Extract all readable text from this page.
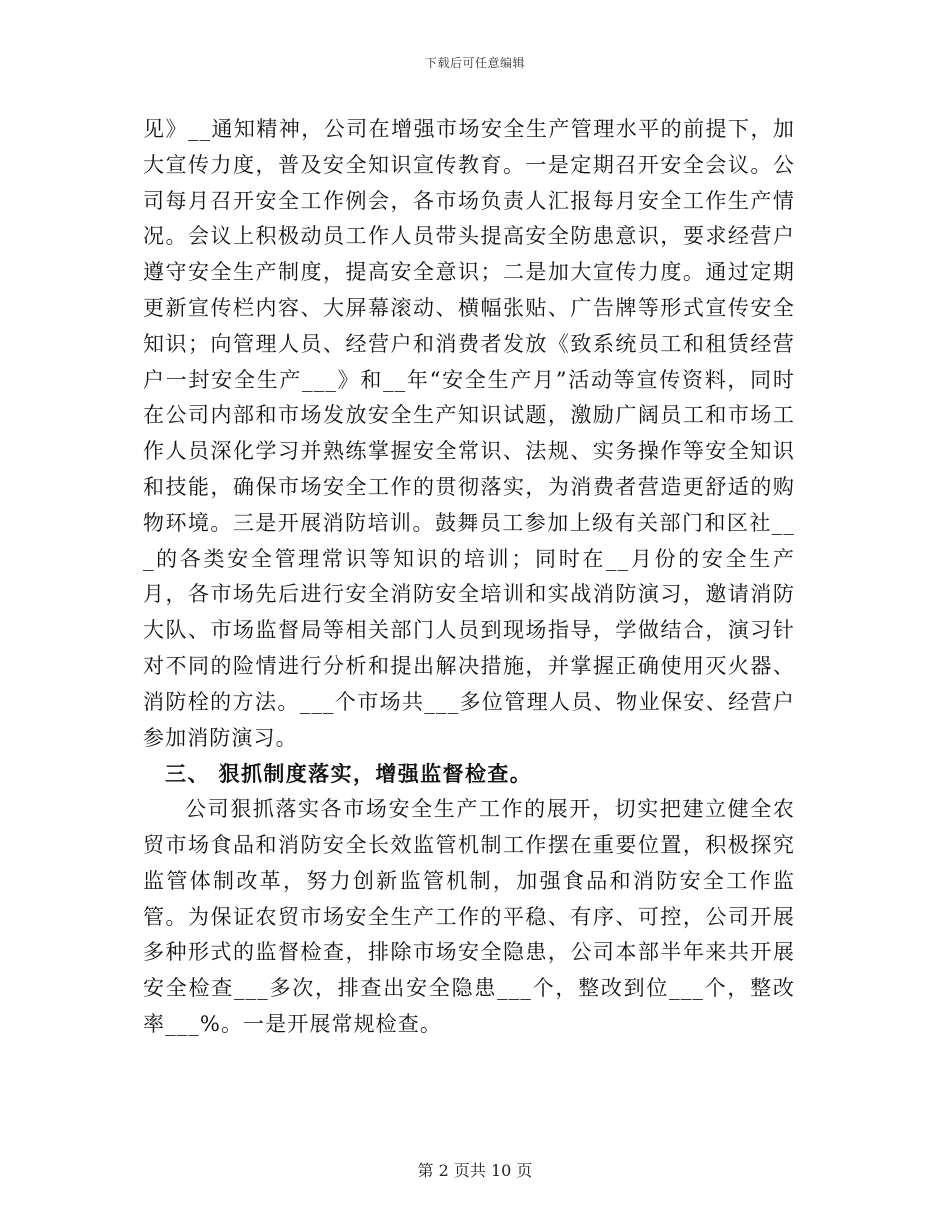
下载后可任意编辑

见》__通知精神，公司在增强市场安全生产管理水平的前提下，加大宣传力度，普及安全知识宣传教育。一是定期召开安全会议。公司每月召开安全工作例会，各市场负责人汇报每月安全工作生产情况。会议上积极动员工作人员带头提高安全防患意识，要求经营户遵守安全生产制度，提高安全意识；二是加大宣传力度。通过定期更新宣传栏内容、大屏幕滚动、横幅张贴、广告牌等形式宣传安全知识；向管理人员、经营户和消费者发放《致系统员工和租赁经营户一封安全生产___》和__年“安全生产月”活动等宣传资料，同时在公司内部和市场发放安全生产知识试题，激励广阔员工和市场工作人员深化学习并熟练掌握安全常识、法规、实务操作等安全知识和技能，确保市场安全工作的贯彻落实，为消费者营造更舒适的购物环境。三是开展消防培训。鼓舞员工参加上级有关部门和区社___的各类安全管理常识等知识的培训；同时在__月份的安全生产月，各市场先后进行安全消防安全培训和实战消防演习，邀请消防大队、市场监督局等相关部门人员到现场指导，学做结合，演习针对不同的险情进行分析和提出解决措施，并掌握正确使用灭火器、消防栓的方法。___个市场共___多位管理人员、物业保安、经营户参加消防演习。

三、 狠抓制度落实，增强监督检查。

公司狠抓落实各市场安全生产工作的展开，切实把建立健全农贸市场食品和消防安全长效监管机制工作摆在重要位置，积极探究监管体制改革，努力创新监管机制，加强食品和消防安全工作监管。为保证农贸市场安全生产工作的平稳、有序、可控，公司开展多种形式的监督检查，排除市场安全隐患，公司本部半年来共开展安全检查___多次，排查出安全隐患___个，整改到位___个，整改率___%。一是开展常规检查。

第 2 页共 10 页
